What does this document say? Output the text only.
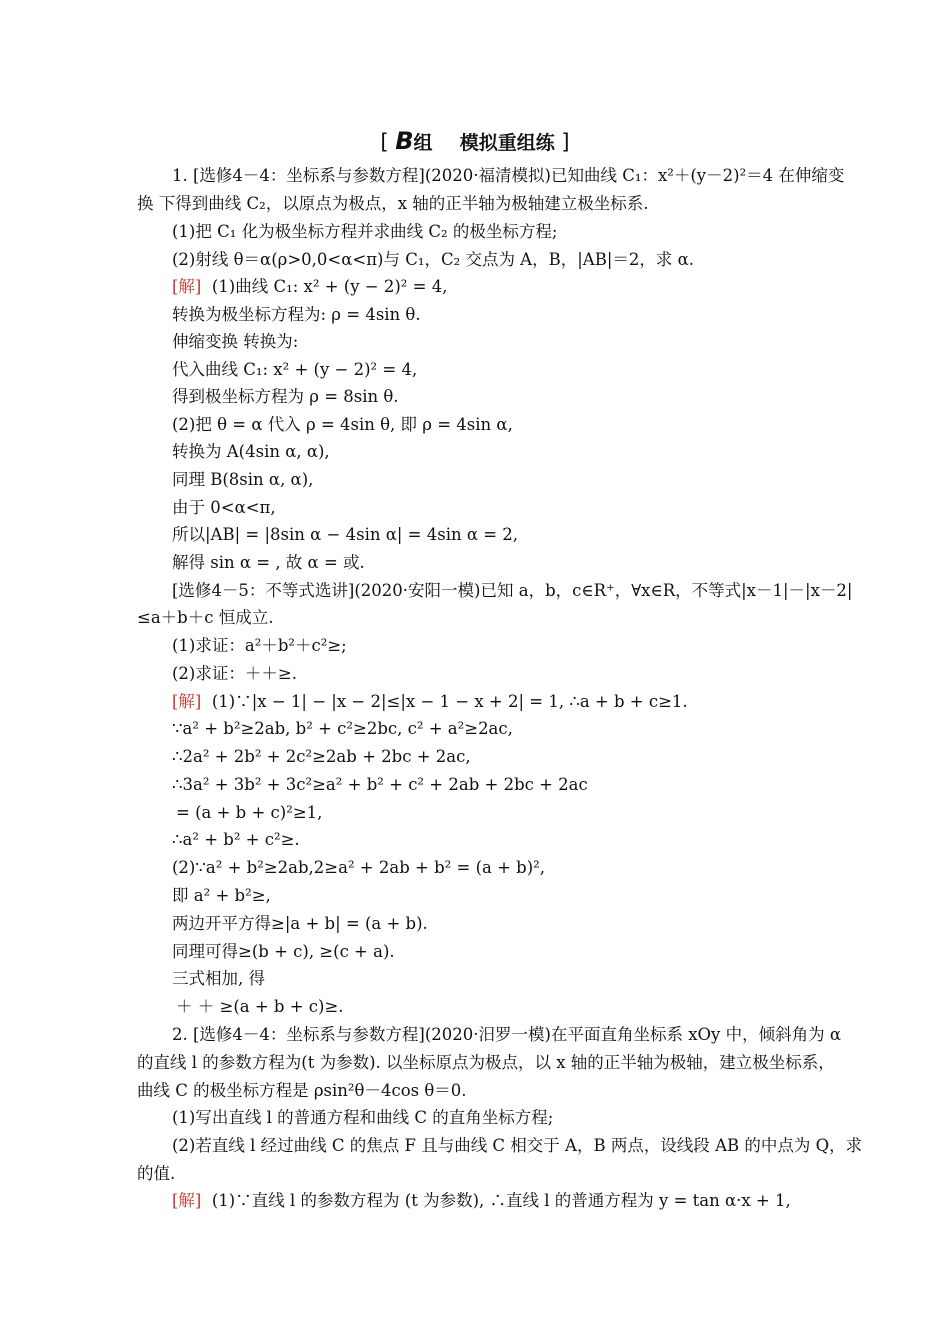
[ B组 模拟重组练 ]
1. [选修4－4：坐标系与参数方程](2020·福清模拟)已知曲线 C₁：x²＋(y－2)²＝4 在伸缩变
换 下得到曲线 C₂，以原点为极点，x 轴的正半轴为极轴建立极坐标系.
(1)把 C₁ 化为极坐标方程并求曲线 C₂ 的极坐标方程;
(2)射线 θ＝α(ρ>0,0<α<π)与 C₁，C₂ 交点为 A，B，|AB|＝2，求 α.
[解] (1)曲线 C₁: x² + (y − 2)² = 4,
转换为极坐标方程为: ρ = 4sin θ.
伸缩变换 转换为:
代入曲线 C₁: x² + (y − 2)² = 4,
得到极坐标方程为 ρ = 8sin θ.
(2)把 θ = α 代入 ρ = 4sin θ, 即 ρ = 4sin α,
转换为 A(4sin α, α),
同理 B(8sin α, α),
由于 0<α<π,
所以|AB| = |8sin α − 4sin α| = 4sin α = 2,
解得 sin α = , 故 α = 或.
[选修4－5：不等式选讲](2020·安阳一模)已知 a，b，c∈R⁺，∀x∈R，不等式|x－1|－|x－2|
≤a＋b＋c 恒成立.
(1)求证：a²＋b²＋c²≥;
(2)求证：＋＋≥.
[解] (1)∵|x − 1| − |x − 2|≤|x − 1 − x + 2| = 1, ∴a + b + c≥1.
∵a² + b²≥2ab, b² + c²≥2bc, c² + a²≥2ac,
∴2a² + 2b² + 2c²≥2ab + 2bc + 2ac,
∴3a² + 3b² + 3c²≥a² + b² + c² + 2ab + 2bc + 2ac
= (a + b + c)²≥1,
∴a² + b² + c²≥.
(2)∵a² + b²≥2ab,2≥a² + 2ab + b² = (a + b)²,
即 a² + b²≥,
两边开平方得≥|a + b| = (a + b).
同理可得≥(b + c), ≥(c + a).
三式相加, 得
＋ ＋ ≥(a + b + c)≥.
2. [选修4－4：坐标系与参数方程](2020·汨罗一模)在平面直角坐标系 xOy 中，倾斜角为 α
的直线 l 的参数方程为(t 为参数). 以坐标原点为极点，以 x 轴的正半轴为极轴，建立极坐标系，
曲线 C 的极坐标方程是 ρsin²θ－4cos θ＝0.
(1)写出直线 l 的普通方程和曲线 C 的直角坐标方程;
(2)若直线 l 经过曲线 C 的焦点 F 且与曲线 C 相交于 A，B 两点，设线段 AB 的中点为 Q，求
的值.
[解] (1)∵直线 l 的参数方程为 (t 为参数), ∴直线 l 的普通方程为 y = tan α·x + 1,
